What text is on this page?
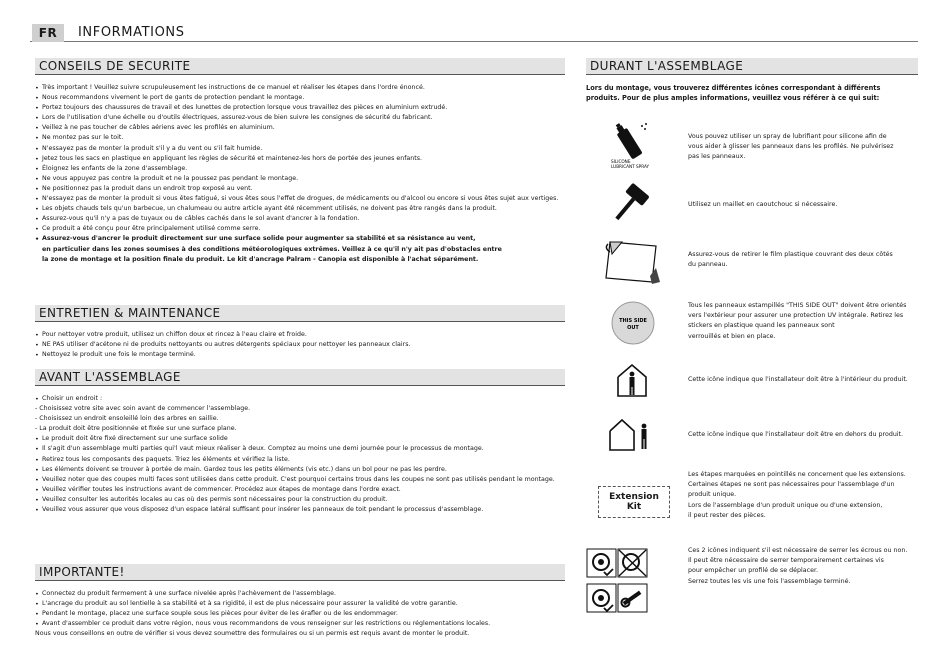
FR	INFORMATIONS
CONSEILS DE SECURITE
• Très important ! Veuillez suivre scrupuleusement les instructions de ce manuel et réaliser les étapes dans l'ordre énoncé.
• Nous recommandons vivement le port de gants de protection pendant le montage.
• Portez toujours des chaussures de travail et des lunettes de protection lorsque vous travaillez des pièces en aluminium extrudé.
• Lors de l'utilisation d'une échelle ou d'outils électriques, assurez-vous de bien suivre les consignes de sécurité du fabricant.
• Veillez à ne pas toucher de câbles aériens avec les profilés en aluminium.
• Ne montez pas sur le toit.
• N'essayez pas de monter la produit s'il y a du vent ou s'il fait humide.
• Jetez tous les sacs en plastique en appliquant les règles de sécurité et maintenez-les hors de portée des jeunes enfants.
• Éloignez les enfants de la zone d'assemblage.
• Ne vous appuyez pas contre la produit et ne la poussez pas pendant le montage.
• Ne positionnez pas la produit dans un endroit trop exposé au vent.
• N'essayez pas de monter la produit si vous êtes fatigué, si vous êtes sous l'effet de drogues, de médicaments ou d'alcool ou encore si vous êtes sujet aux vertiges.
• Les objets chauds tels qu'un barbecue, un chalumeau ou autre article ayant été récemment utilisés, ne doivent pas être rangés dans la produit.
• Assurez-vous qu'il n'y a pas de tuyaux ou de câbles cachés dans le sol avant d'ancrer à la fondation.
• Ce produit a été conçu pour être principalement utilisé comme serre.
• Assurez-vous d'ancrer le produit directement sur une surface solide pour augmenter sa stabilité et sa résistance au vent,
en particulier dans les zones soumises à des conditions météorologiques extrêmes. Veillez à ce qu'il n'y ait pas d'obstacles entre
la zone de montage et la position finale du produit. Le kit d'ancrage Palram - Canopia est disponible à l'achat séparément.
ENTRETIEN & MAINTENANCE
• Pour nettoyer votre produit, utilisez un chiffon doux et rincez à l'eau claire et froide.
• NE PAS utiliser d'acétone ni de produits nettoyants ou autres détergents spéciaux pour nettoyer les panneaux clairs.
• Nettoyez le produit une fois le montage terminé.
AVANT L'ASSEMBLAGE
• Choisir un endroit :
- Choisissez votre site avec soin avant de commencer l'assemblage.
- Choisissez un endroit ensoleillé loin des arbres en saillie.
- La produit doit être positionnée et fixée sur une surface plane.
• Le produit doit être fixé directement sur une surface solide
• Il s'agit d'un assemblage multi parties qui'l vaut mieux réaliser à deux. Comptez au moins une demi journée pour le processus de montage.
• Retirez tous les composants des paquets. Triez les éléments et vérifiez la liste.
• Les éléments doivent se trouver à portée de main. Gardez tous les petits éléments (vis etc.) dans un bol pour ne pas les perdre.
• Veuillez noter que des coupes multi faces sont utilisées dans cette produit. C'est pourquoi certains trous dans les coupes ne sont pas utilisés pendant le montage.
• Veuillez vérifier toutes les instructions avant de commencer. Procédez aux étapes de montage dans l'ordre exact.
• Veuillez consulter les autorités locales au cas où des permis sont nécessaires pour la construction du produit.
• Veuillez vous assurer que vous disposez d'un espace latéral suffisant pour insérer les panneaux de toit pendant le processus d'assemblage.
IMPORTANTE!
• Connectez du produit fermement à une surface nivelée après l'achèvement de l'assemblage.
• L'ancrage du produit au sol lentielle à sa stabilité et à sa rigidité, il est de plus nécessaire pour assurer la validité de votre garantie.
• Pendant le montage, placez une surface souple sous les pièces pour éviter de les érafler ou de les endommager.
• Avant d'assembler ce produit dans votre région, nous vous recommandons de vous renseigner sur les restrictions ou réglementations locales.
Nous vous conseillons en outre de vérifier si vous devez soumettre des formulaires ou si un permis est requis avant de monter le produit.
DURANT L'ASSEMBLAGE
Lors du montage, vous trouverez différentes icônes correspondant à différents
produits. Pour de plus amples informations, veuillez vous référer à ce qui suit:
SILICONE
LUBRICANT SPRAY
Vous pouvez utiliser un spray de lubrifiant pour silicone afin de
vous aider à glisser les panneaux dans les profilés. Ne pulvérisez
pas les panneaux.
Utilisez un maillet en caoutchouc si nécessaire.
Assurez-vous de retirer le film plastique couvrant des deux côtés
du panneau.
THIS SIDE
OUT
Tous les panneaux estampillés "THIS SIDE OUT" doivent être orientés
vers l'extérieur pour assurer une protection UV intégrale. Retirez les
stickers en plastique quand les panneaux sont
verrouillés et bien en place.
Cette icône indique que l'installateur doit être à l'intérieur du produit.
Cette icône indique que l'installateur doit être en dehors du produit.
Extension Kit
Les étapes marquées en pointillés ne concernent que les extensions.
Certaines étapes ne sont pas nécessaires pour l'assemblage d'un
produit unique.
Lors de l'assemblage d'un produit unique ou d'une extension,
il peut rester des pièces.
Ces 2 icônes indiquent s'il est nécessaire de serrer les écrous ou non.
Il peut être nécessaire de serrer temporairement certaines vis
pour empêcher un profilé de se déplacer.
Serrez toutes les vis une fois l'assemblage terminé.
